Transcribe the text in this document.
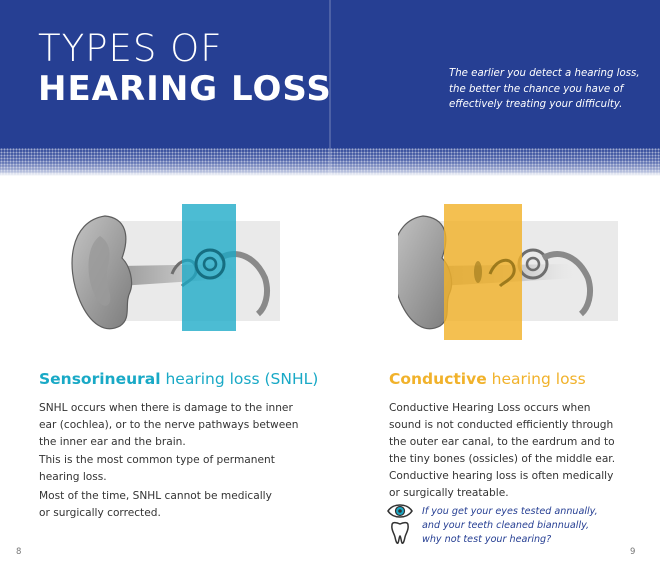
TYPES OF
HEARING LOSS	The earlier you detect a hearing loss,
the better the chance you have of
effectively treating your difficulty.

Sensorineural hearing loss (SNHL)

SNHL occurs when there is damage to the inner
ear (cochlea), or to the nerve pathways between
the inner ear and the brain.

This is the most common type of permanent
hearing loss.

Most of the time, SNHL cannot be medically
or surgically corrected.

Conductive hearing loss

Conductive Hearing Loss occurs when
sound is not conducted efficiently through
the outer ear canal, to the eardrum and to
the tiny bones (ossicles) of the middle ear.
Conductive hearing loss is often medically
or surgically treatable.

If you get your eyes tested annually,
and your teeth cleaned biannually,
why not test your hearing?

8	9
